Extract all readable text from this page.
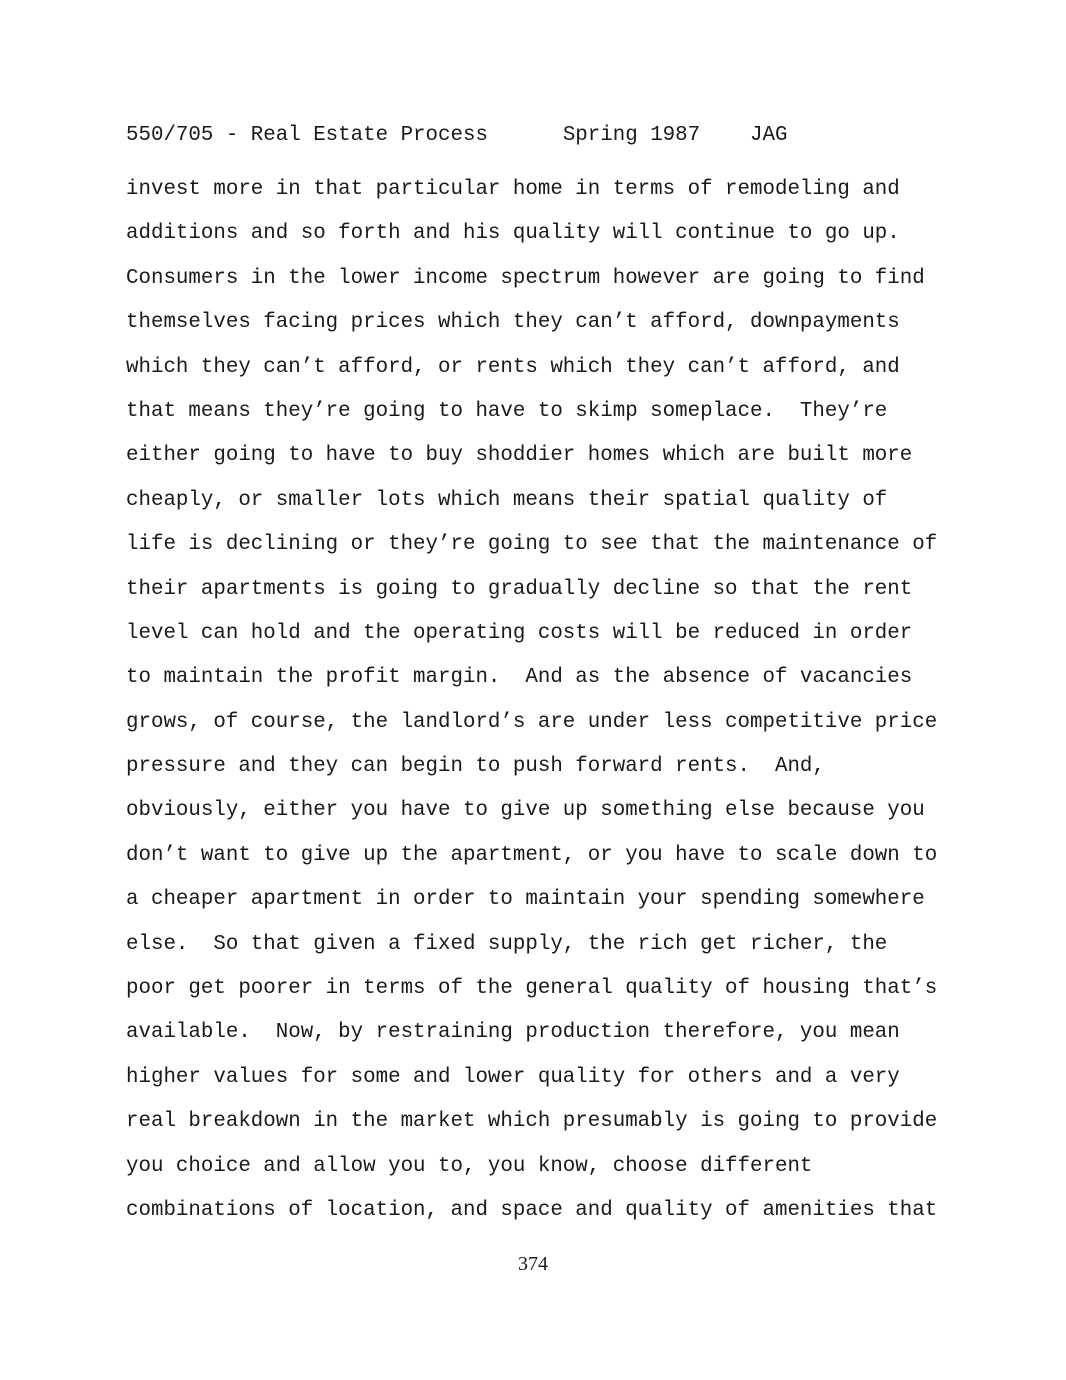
550/705 - Real Estate Process	Spring 1987 JAG
invest more in that particular home in terms of remodeling and
additions and so forth and his quality will continue to go up.
Consumers in the lower income spectrum however are going to find
themselves facing prices which they can’t afford, downpayments
which they can’t afford, or rents which they can’t afford, and
that means they’re going to have to skimp someplace.  They’re
either going to have to buy shoddier homes which are built more
cheaply, or smaller lots which means their spatial quality of
life is declining or they’re going to see that the maintenance of
their apartments is going to gradually decline so that the rent
level can hold and the operating costs will be reduced in order
to maintain the profit margin.  And as the absence of vacancies
grows, of course, the landlord’s are under less competitive price
pressure and they can begin to push forward rents.  And,
obviously, either you have to give up something else because you
don’t want to give up the apartment, or you have to scale down to
a cheaper apartment in order to maintain your spending somewhere
else.  So that given a fixed supply, the rich get richer, the
poor get poorer in terms of the general quality of housing that’s
available.  Now, by restraining production therefore, you mean
higher values for some and lower quality for others and a very
real breakdown in the market which presumably is going to provide
you choice and allow you to, you know, choose different
combinations of location, and space and quality of amenities that
374
